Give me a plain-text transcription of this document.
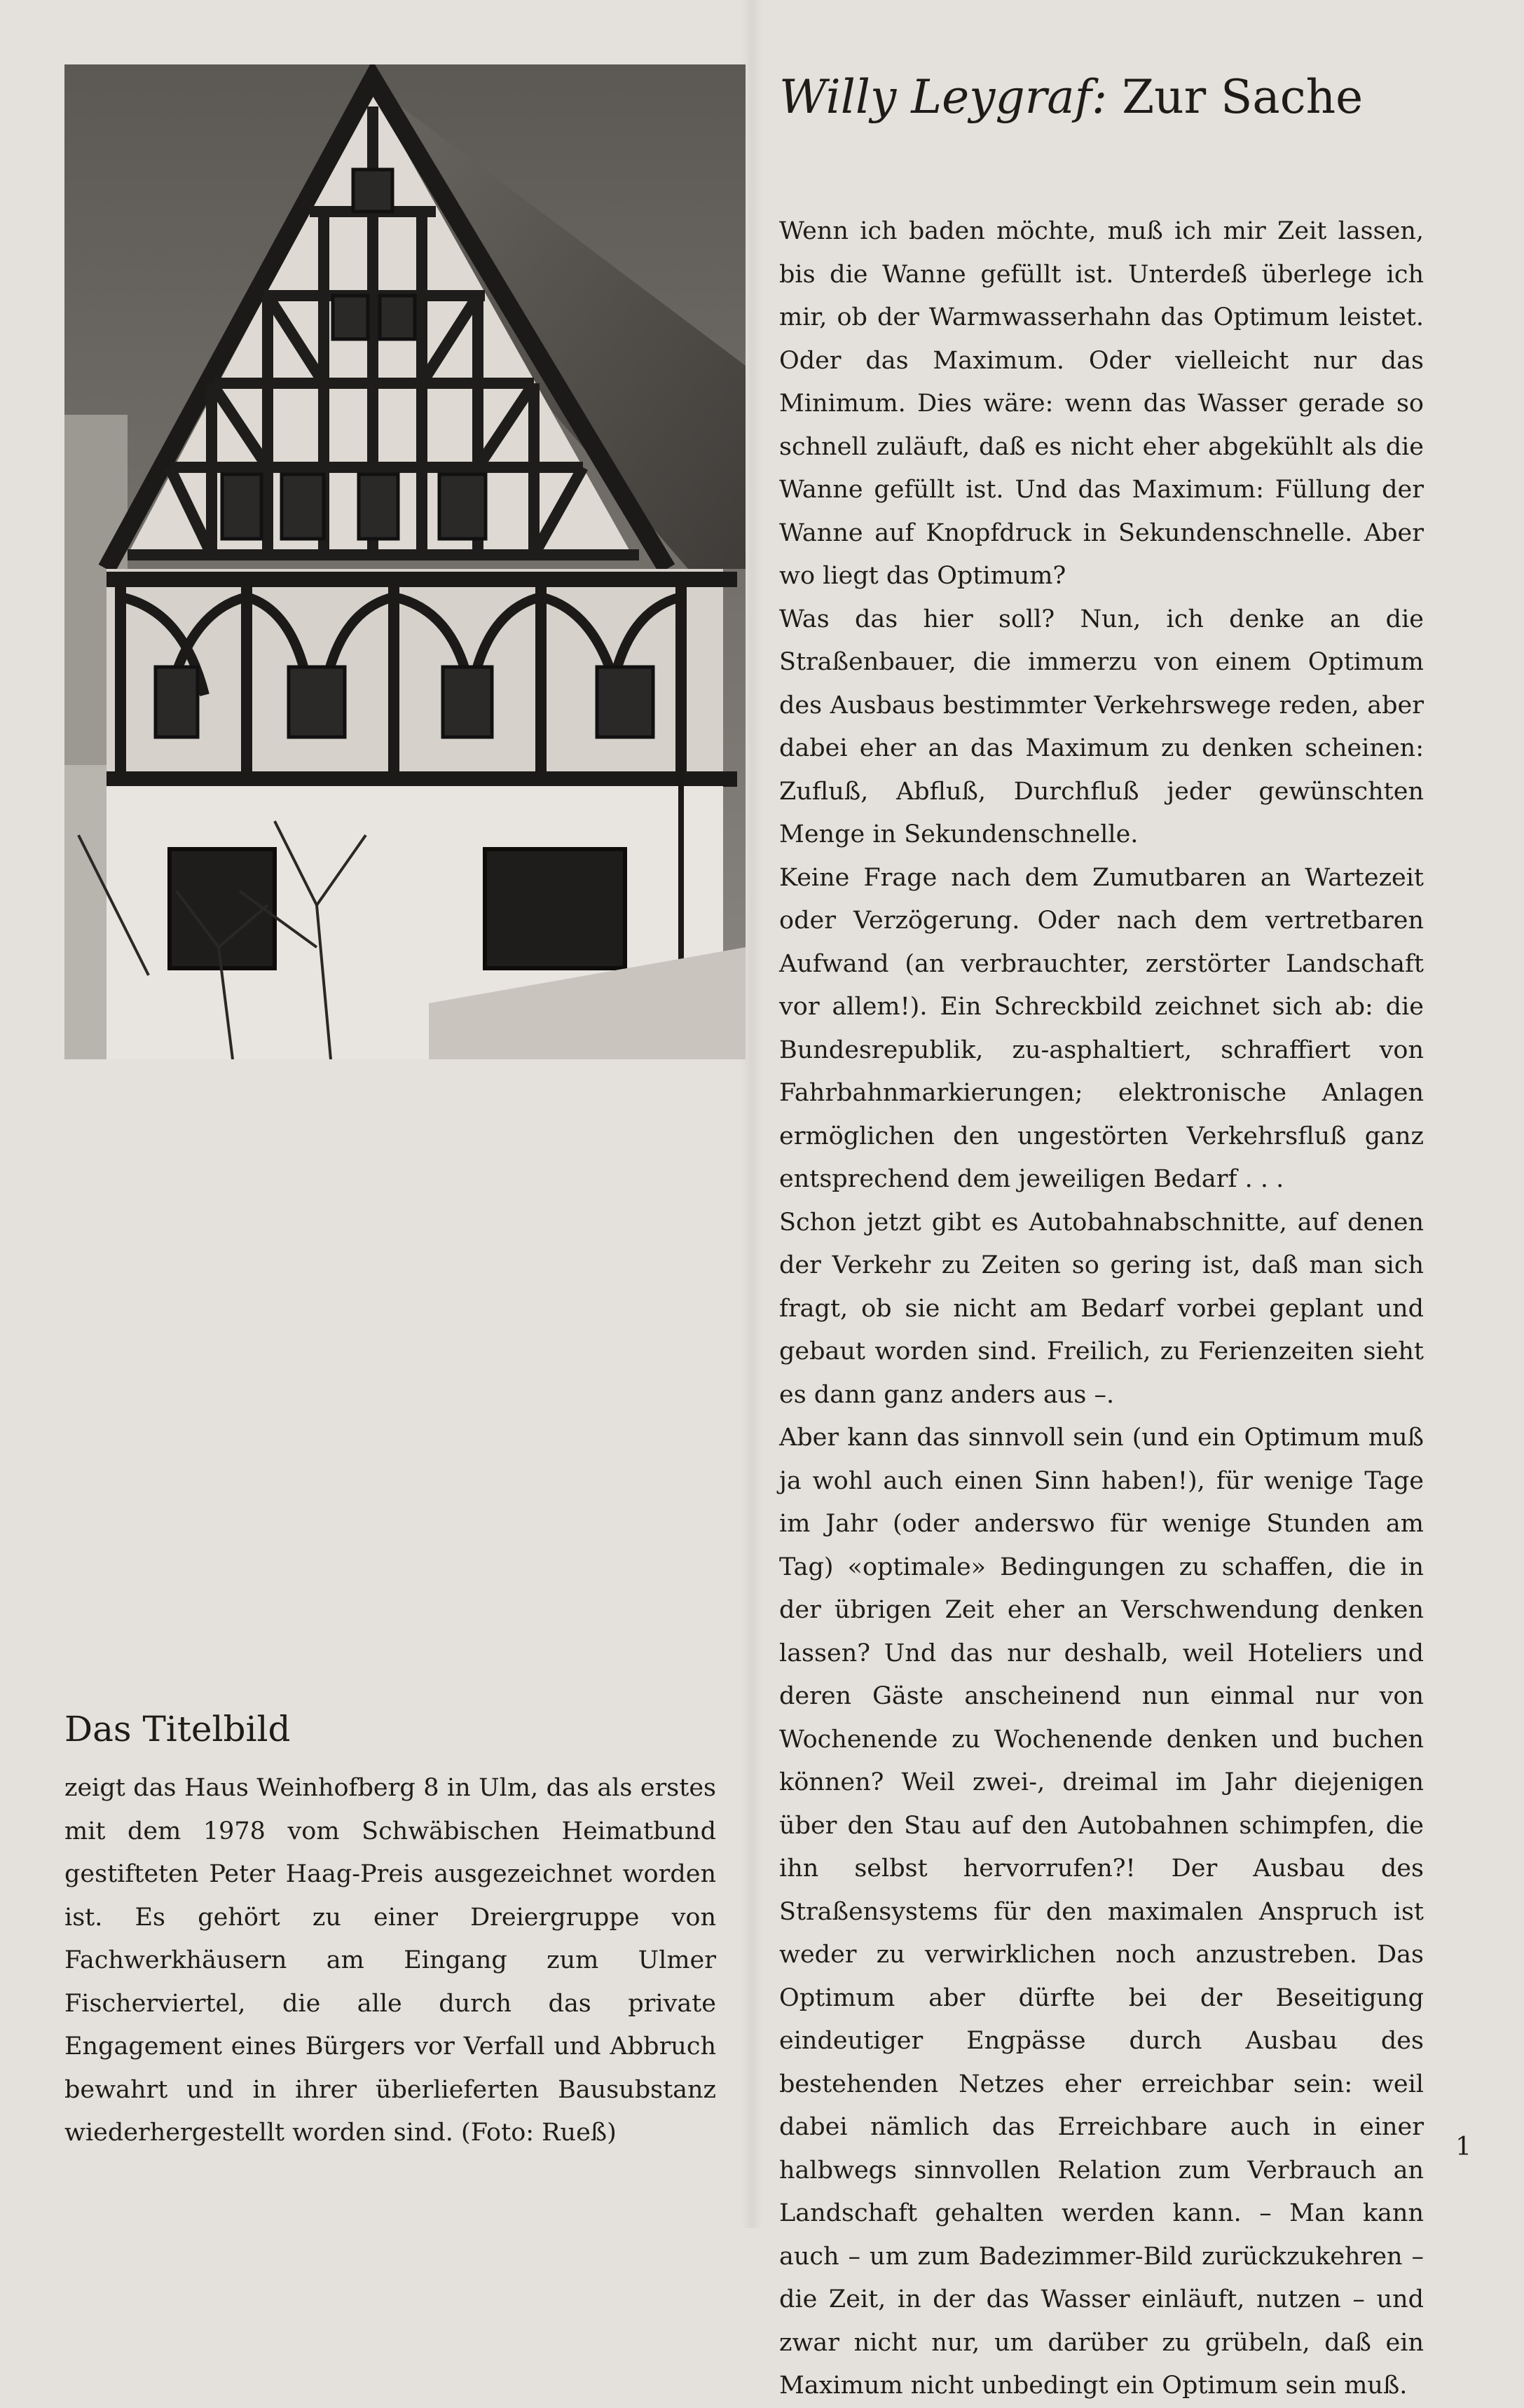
Willy Leygraf: Zur Sache

Wenn ich baden möchte, muß ich mir Zeit lassen, bis die Wanne gefüllt ist. Unterdeß überlege ich mir, ob der Warmwasserhahn das Optimum leistet. Oder das Maximum. Oder vielleicht nur das Minimum. Dies wäre: wenn das Wasser gerade so schnell zuläuft, daß es nicht eher abgekühlt als die Wanne gefüllt ist. Und das Maximum: Füllung der Wanne auf Knopfdruck in Sekundenschnelle. Aber wo liegt das Optimum?

Was das hier soll? Nun, ich denke an die Straßenbauer, die immerzu von einem Optimum des Ausbaus bestimmter Verkehrswege reden, aber dabei eher an das Maximum zu denken scheinen: Zufluß, Abfluß, Durchfluß jeder gewünschten Menge in Sekundenschnelle.

Keine Frage nach dem Zumutbaren an Wartezeit oder Verzögerung. Oder nach dem vertretbaren Aufwand (an verbrauchter, zerstörter Landschaft vor allem!). Ein Schreckbild zeichnet sich ab: die Bundesrepublik, zu-asphaltiert, schraffiert von Fahrbahnmarkierungen; elektronische Anlagen ermöglichen den ungestörten Verkehrsfluß ganz entsprechend dem jeweiligen Bedarf . . .

Schon jetzt gibt es Autobahnabschnitte, auf denen der Verkehr zu Zeiten so gering ist, daß man sich fragt, ob sie nicht am Bedarf vorbei geplant und gebaut worden sind. Freilich, zu Ferienzeiten sieht es dann ganz anders aus –.

Aber kann das sinnvoll sein (und ein Optimum muß ja wohl auch einen Sinn haben!), für wenige Tage im Jahr (oder anderswo für wenige Stunden am Tag) «optimale» Bedingungen zu schaffen, die in der übrigen Zeit eher an Verschwendung denken lassen? Und das nur deshalb, weil Hoteliers und deren Gäste anscheinend nun einmal nur von Wochenende zu Wochenende denken und buchen können? Weil zwei-, dreimal im Jahr diejenigen über den Stau auf den Autobahnen schimpfen, die ihn selbst hervorrufen?! Der Ausbau des Straßensystems für den maximalen Anspruch ist weder zu verwirklichen noch anzustreben. Das Optimum aber dürfte bei der Beseitigung eindeutiger Engpässe durch Ausbau des bestehenden Netzes eher erreichbar sein: weil dabei nämlich das Erreichbare auch in einer halbwegs sinnvollen Relation zum Verbrauch an Landschaft gehalten werden kann. – Man kann auch – um zum Badezimmer-Bild zurückzukehren – die Zeit, in der das Wasser einläuft, nutzen – und zwar nicht nur, um darüber zu grübeln, daß ein Maximum nicht unbedingt ein Optimum sein muß.

Das Titelbild
zeigt das Haus Weinhofberg 8 in Ulm, das als erstes mit dem 1978 vom Schwäbischen Heimatbund gestifteten Peter Haag-Preis ausgezeichnet worden ist. Es gehört zu einer Dreiergruppe von Fachwerkhäusern am Eingang zum Ulmer Fischerviertel, die alle durch das private Engagement eines Bürgers vor Verfall und Abbruch bewahrt und in ihrer überlieferten Bausubstanz wiederhergestellt worden sind. (Foto: Rueß)	1
